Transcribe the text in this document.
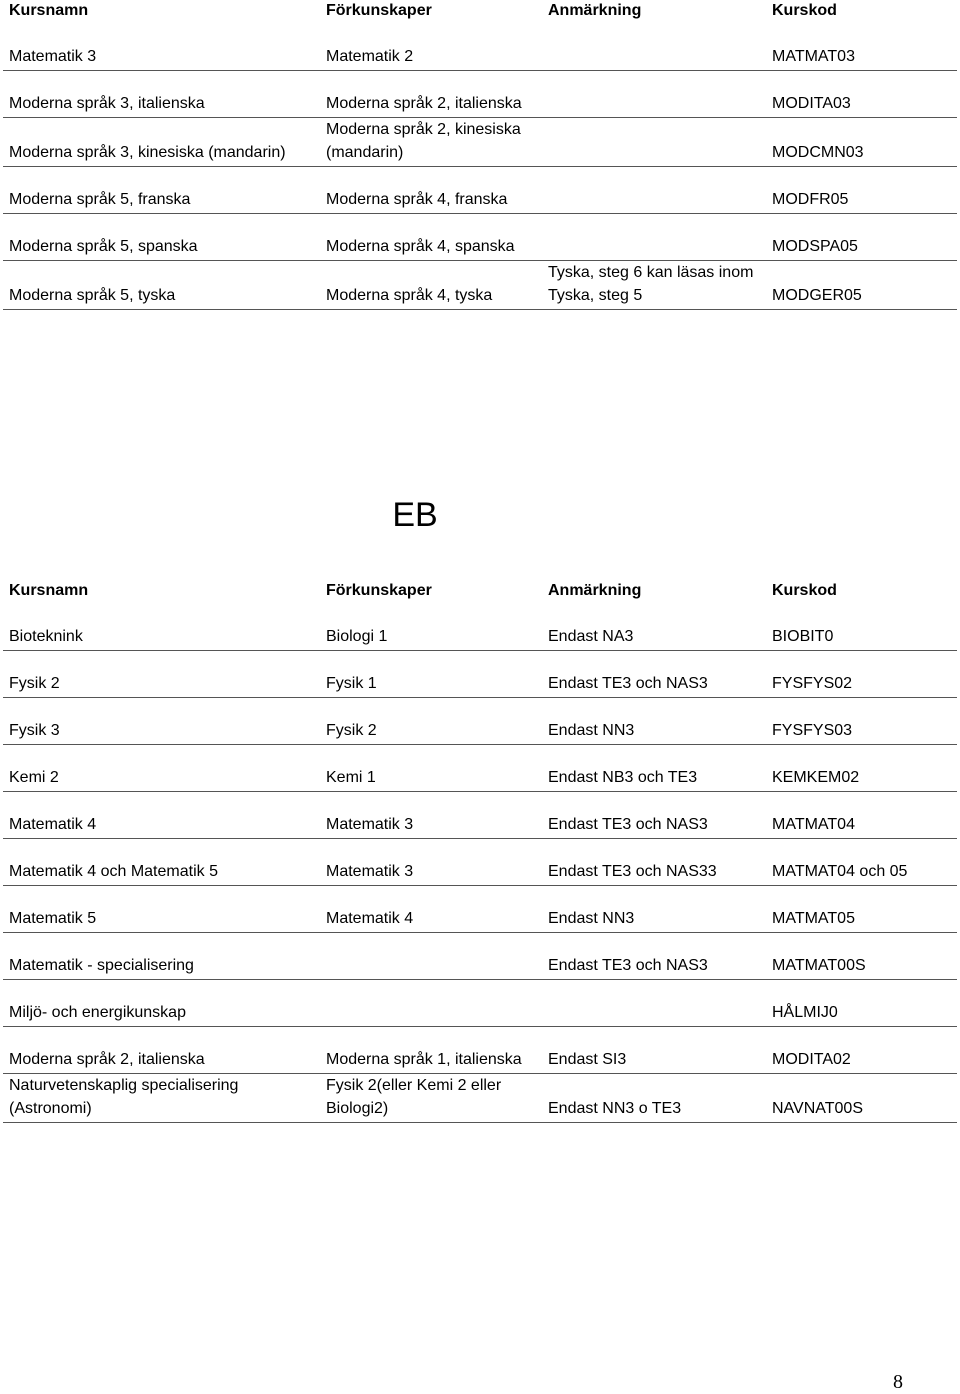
Kursnamn	Förkunskaper	Anmärkning	Kurskod
Matematik 3	Matematik 2		MATMAT03
Moderna språk 3, italienska	Moderna språk 2, italienska		MODITA03
Moderna språk 3, kinesiska (mandarin)	Moderna språk 2, kinesiska (mandarin)		MODCMN03
Moderna språk 5, franska	Moderna språk 4, franska		MODFR05
Moderna språk 5, spanska	Moderna språk 4, spanska		MODSPA05
Moderna språk 5, tyska	Moderna språk 4, tyska	Tyska, steg 6 kan läsas inom Tyska, steg 5	MODGER05
EB
Kursnamn	Förkunskaper	Anmärkning	Kurskod
Bioteknink	Biologi 1	Endast NA3	BIOBIT0
Fysik 2	Fysik 1	Endast TE3 och NAS3	FYSFYS02
Fysik 3	Fysik 2	Endast NN3	FYSFYS03
Kemi 2	Kemi 1	Endast NB3 och TE3	KEMKEM02
Matematik 4	Matematik 3	Endast TE3 och NAS3	MATMAT04
Matematik 4 och Matematik 5	Matematik 3	Endast TE3 och NAS33	MATMAT04 och 05
Matematik 5	Matematik 4	Endast NN3	MATMAT05
Matematik - specialisering		Endast TE3 och NAS3	MATMAT00S
Miljö- och energikunskap			HÅLMIJ0
Moderna språk 2, italienska	Moderna språk 1, italienska	Endast SI3	MODITA02
Naturvetenskaplig specialisering (Astronomi)	Fysik 2(eller Kemi 2 eller Biologi2)	Endast NN3 o TE3	NAVNAT00S
8
